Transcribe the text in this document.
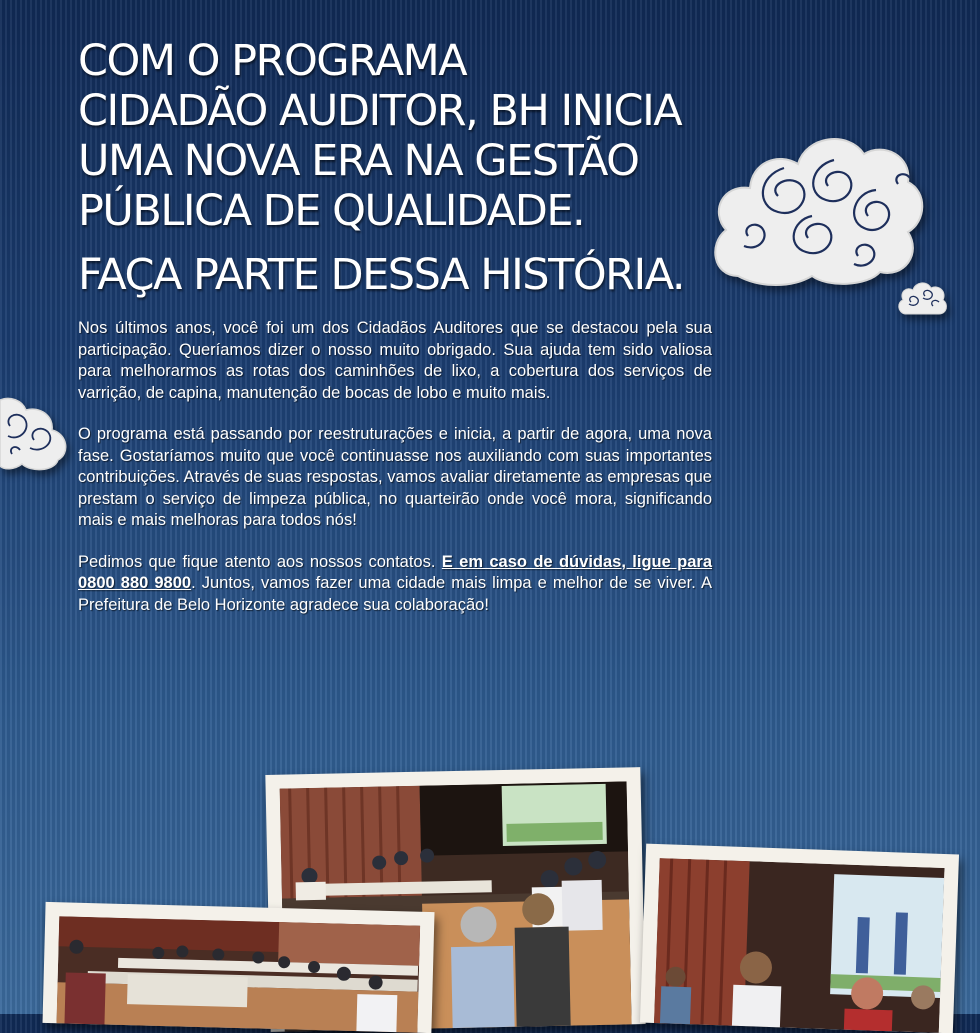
COM O PROGRAMA
CIDADÃO AUDITOR, BH INICIA
UMA NOVA ERA NA GESTÃO
PÚBLICA DE QUALIDADE.
FAÇA PARTE DESSA HISTÓRIA.

Nos últimos anos, você foi um dos Cidadãos Auditores que se destacou pela sua participação. Queríamos dizer o nosso muito obrigado. Sua ajuda tem sido valiosa para melhorarmos as rotas dos caminhões de lixo, a cobertura dos serviços de varrição, de capina, manutenção de bocas de lobo e muito mais.

O programa está passando por reestruturações e inicia, a partir de agora, uma nova fase. Gostaríamos muito que você continuasse nos auxiliando com suas importantes contribuições. Através de suas respostas, vamos avaliar diretamente as empresas que prestam o serviço de limpeza pública, no quarteirão onde você mora, significando mais e mais melhoras para todos nós!

Pedimos que fique atento aos nossos contatos. E em caso de dúvidas, ligue para 0800 880 9800. Juntos, vamos fazer uma cidade mais limpa e melhor de se viver. A Prefeitura de Belo Horizonte agradece sua colaboração!
